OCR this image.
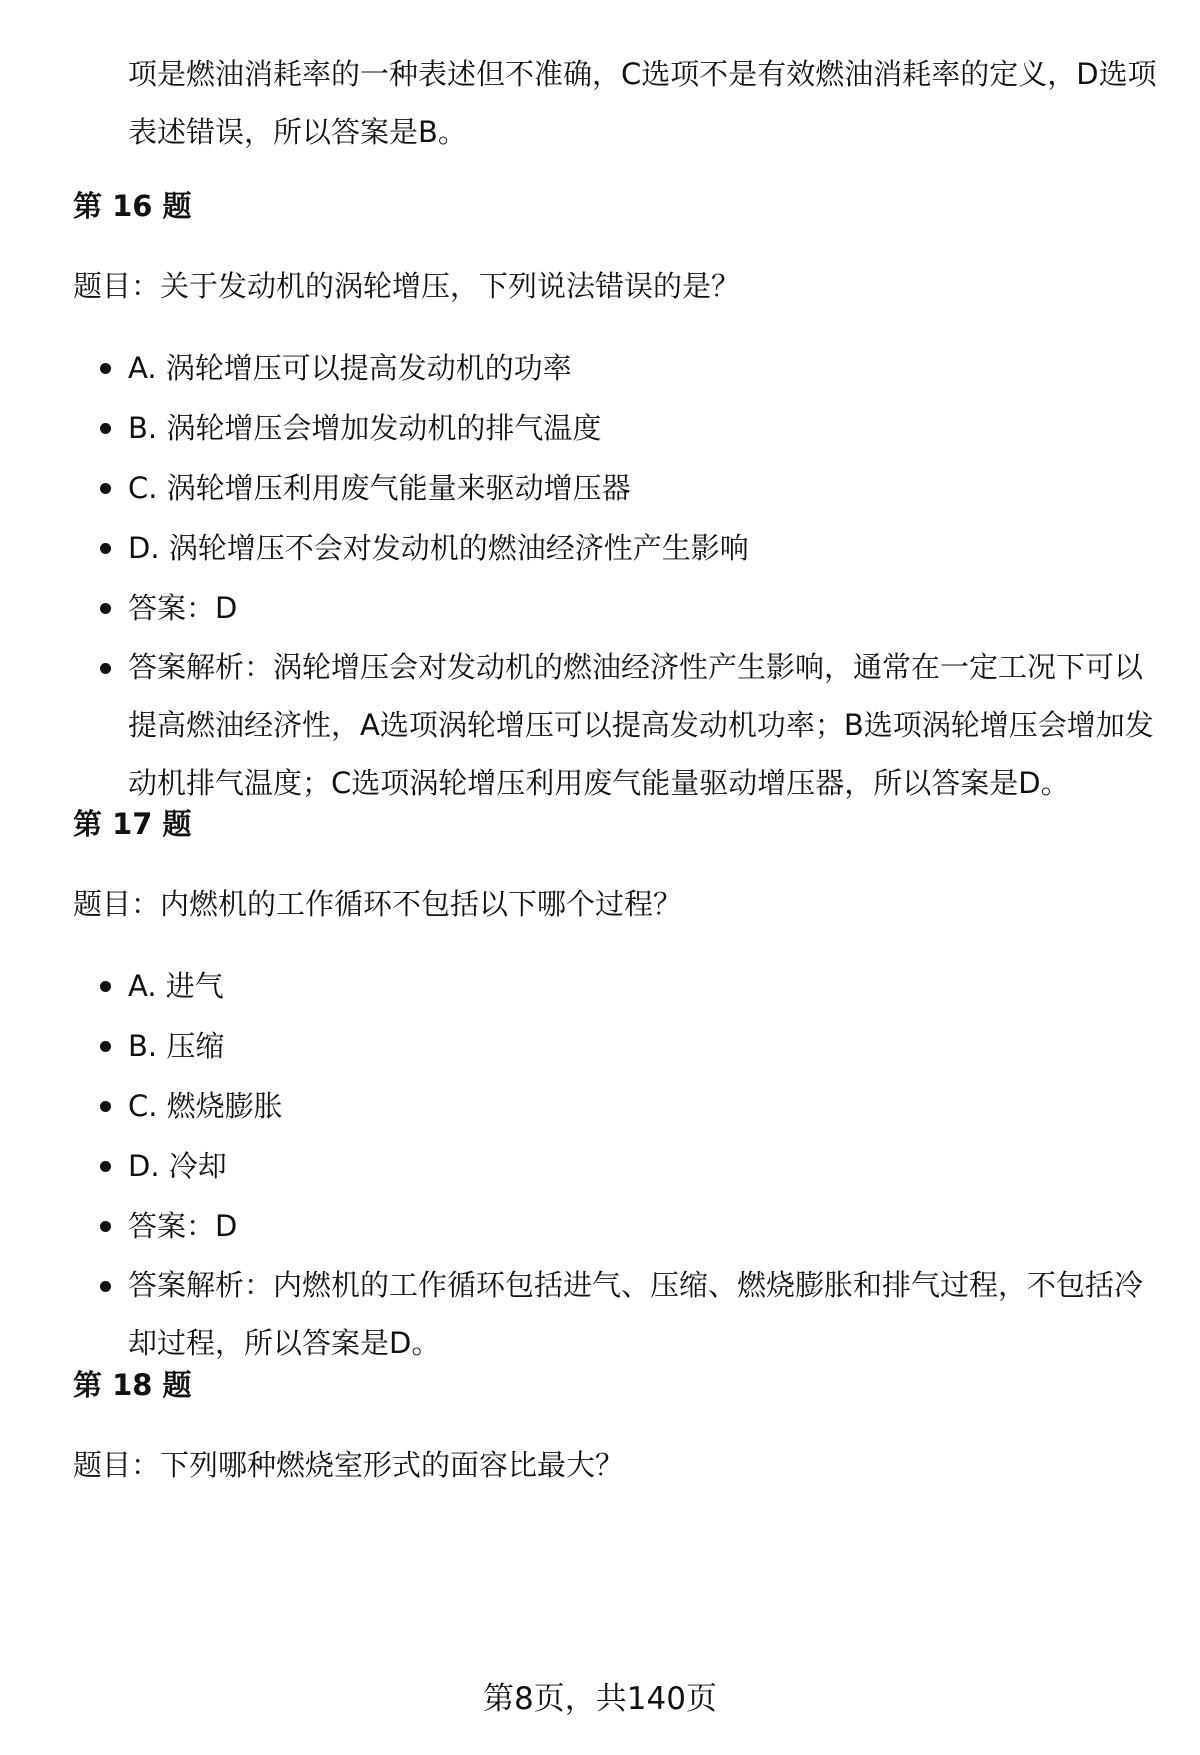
项是燃油消耗率的一种表述但不准确，C选项不是有效燃油消耗率的定义，D选项表述错误，所以答案是B。
第 16 题
题目：关于发动机的涡轮增压，下列说法错误的是？
A. 涡轮增压可以提高发动机的功率
B. 涡轮增压会增加发动机的排气温度
C. 涡轮增压利用废气能量来驱动增压器
D. 涡轮增压不会对发动机的燃油经济性产生影响
答案：D
答案解析：涡轮增压会对发动机的燃油经济性产生影响，通常在一定工况下可以提高燃油经济性，A选项涡轮增压可以提高发动机功率；B选项涡轮增压会增加发动机排气温度；C选项涡轮增压利用废气能量驱动增压器，所以答案是D。
第 17 题
题目：内燃机的工作循环不包括以下哪个过程？
A. 进气
B. 压缩
C. 燃烧膨胀
D. 冷却
答案：D
答案解析：内燃机的工作循环包括进气、压缩、燃烧膨胀和排气过程，不包括冷却过程，所以答案是D。
第 18 题
题目：下列哪种燃烧室形式的面容比最大？
第8页，共140页
